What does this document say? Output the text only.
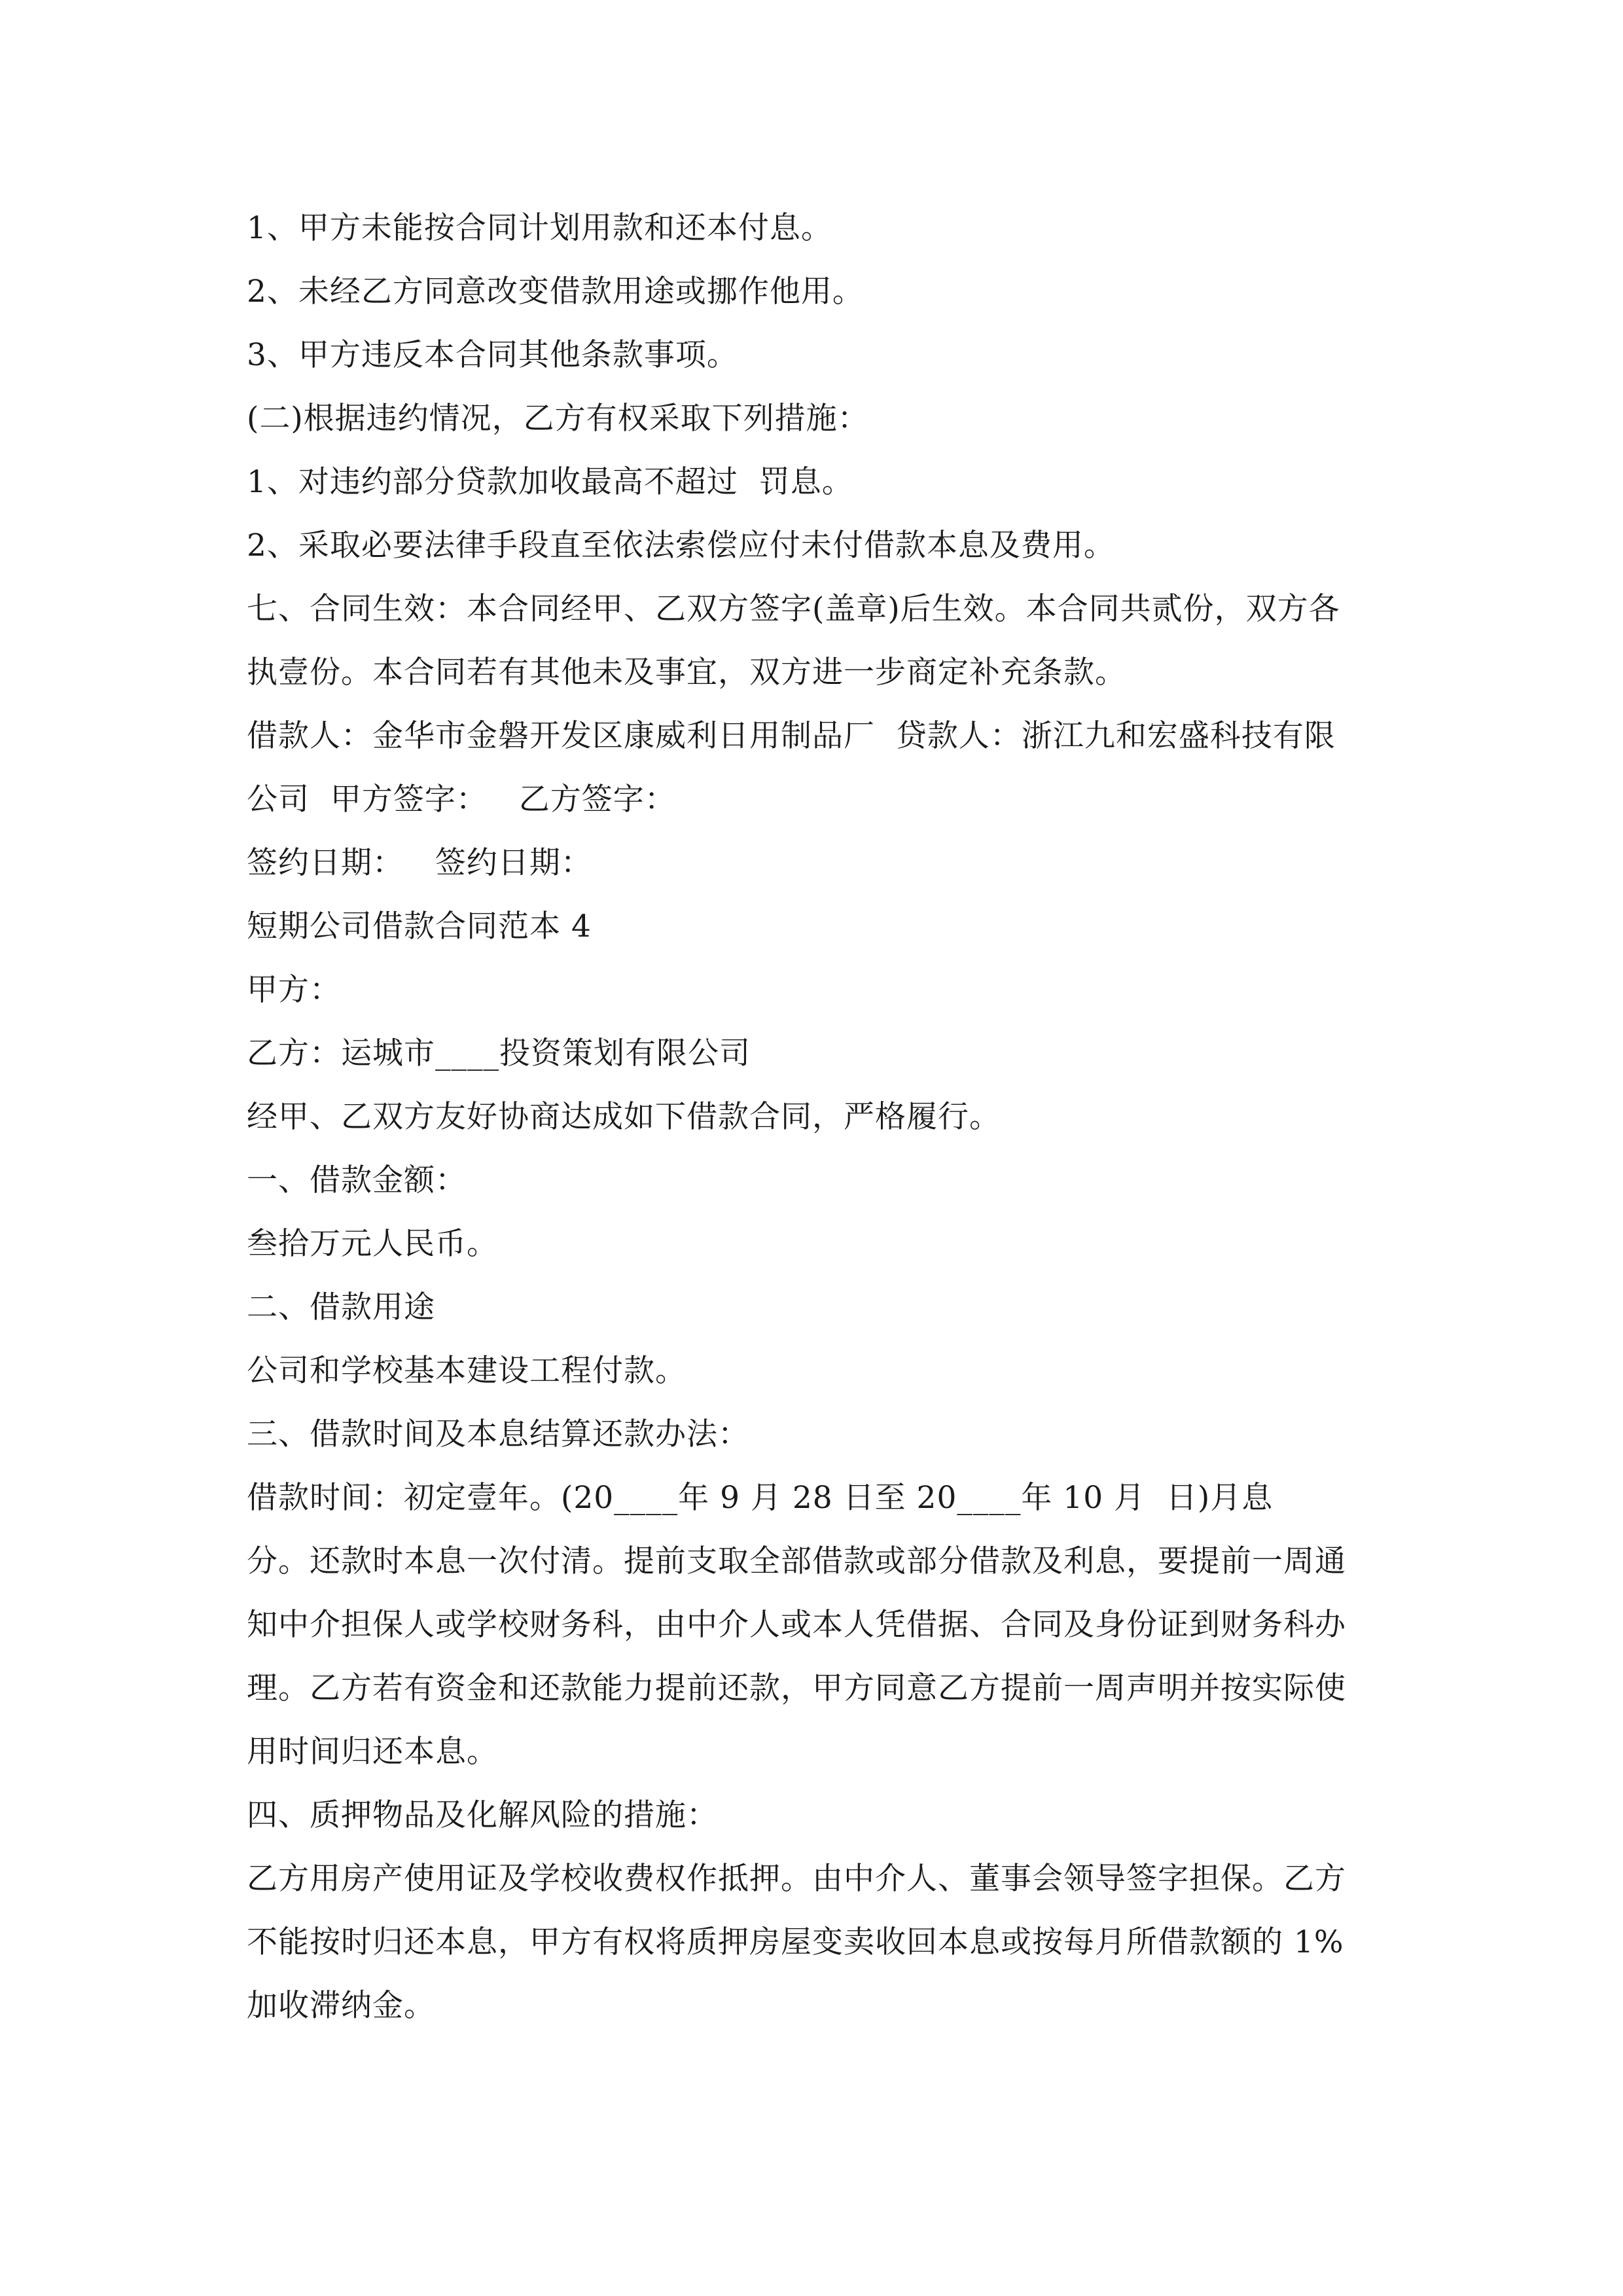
1、甲方未能按合同计划用款和还本付息。
2、未经乙方同意改变借款用途或挪作他用。
3、甲方违反本合同其他条款事项。
(二)根据违约情况，乙方有权采取下列措施：
1、对违约部分贷款加收最高不超过  罚息。
2、采取必要法律手段直至依法索偿应付未付借款本息及费用。
七、合同生效：本合同经甲、乙双方签字(盖章)后生效。本合同共贰份，双方各
执壹份。本合同若有其他未及事宜，双方进一步商定补充条款。
借款人：金华市金磐开发区康威利日用制品厂  贷款人：浙江九和宏盛科技有限
公司  甲方签字：   乙方签字：
签约日期：   签约日期：
短期公司借款合同范本 4
甲方：
乙方：运城市____投资策划有限公司
经甲、乙双方友好协商达成如下借款合同，严格履行。
一、借款金额：
叁拾万元人民币。
二、借款用途
公司和学校基本建设工程付款。
三、借款时间及本息结算还款办法：
借款时间：初定壹年。(20____年 9 月 28 日至 20____年 10 月  日)月息
分。还款时本息一次付清。提前支取全部借款或部分借款及利息，要提前一周通
知中介担保人或学校财务科，由中介人或本人凭借据、合同及身份证到财务科办
理。乙方若有资金和还款能力提前还款，甲方同意乙方提前一周声明并按实际使
用时间归还本息。
四、质押物品及化解风险的措施：
乙方用房产使用证及学校收费权作抵押。由中介人、董事会领导签字担保。乙方
不能按时归还本息，甲方有权将质押房屋变卖收回本息或按每月所借款额的 1%
加收滞纳金。
